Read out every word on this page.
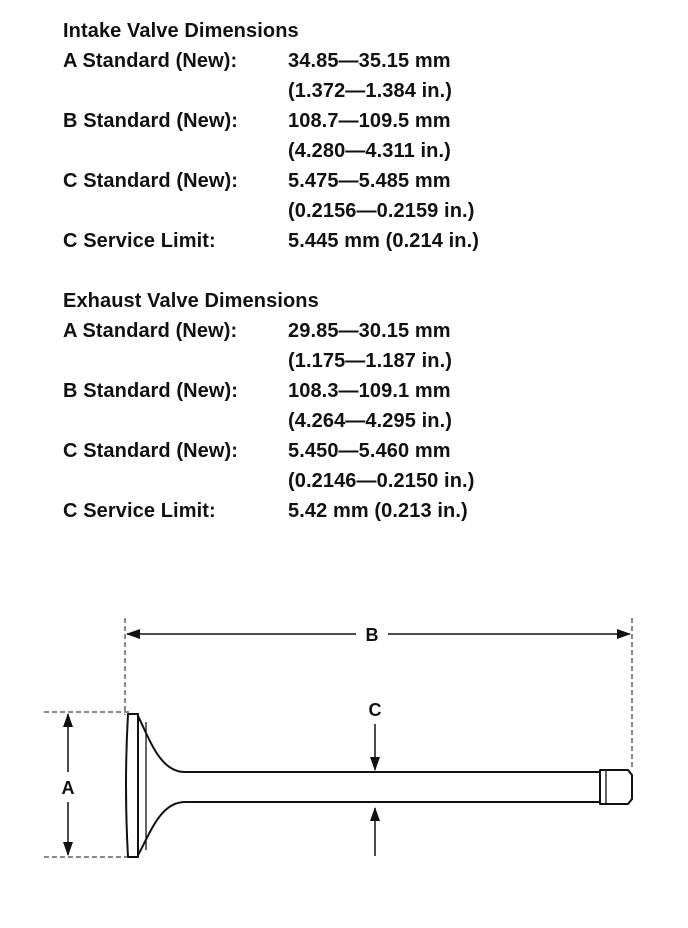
Intake Valve Dimensions
A Standard (New):	34.85—35.15 mm
(1.372—1.384 in.)
B Standard (New): 108.7—109.5 mm
(4.280—4.311 in.)
C Standard (New): 5.475—5.485 mm
(0.2156—0.2159 in.)
C Service Limit:	5.445 mm (0.214 in.)
Exhaust Valve Dimensions
A Standard (New):	29.85—30.15 mm
(1.175—1.187 in.)
B Standard (New): 108.3—109.1 mm
(4.264—4.295 in.)
C Standard (New): 5.450—5.460 mm
(0.2146—0.2150 in.)
C Service Limit:	5.42 mm (0.213 in.)
B
A
C
